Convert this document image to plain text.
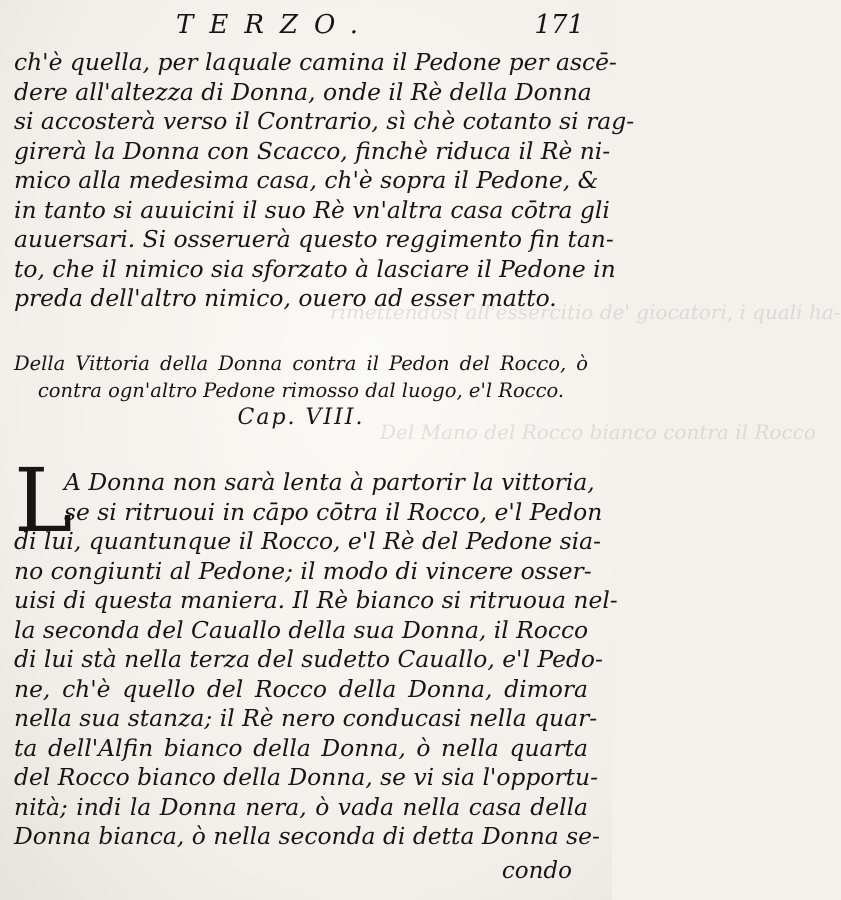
rimettendosi all'essercitio de' giocatori, i quali ha-
Del Mano del Rocco bianco contra il Rocco
TERZO.	171
ch'è quella, per laquale camina il Pedone per ascē-
dere all'altezza di Donna, onde il Rè della Donna
si accosterà verso il Contrario, sì chè cotanto si rag-
girerà la Donna con Scacco, finchè riduca il Rè ni-
mico alla medesima casa, ch'è sopra il Pedone, &
in tanto si auuicini il suo Rè vn'altra casa cōtra gli
auuersari. Si osseruerà questo reggimento fin tan-
to, che il nimico sia sforzato à lasciare il Pedone in
preda dell'altro nimico, ouero ad esser matto.
Della Vittoria della Donna contra il Pedon del Rocco, ò
contra ogn'altro Pedone rimosso dal luogo, e'l Rocco.
Cap. VIII.
L
A Donna non sarà lenta à partorir la vittoria,
se si ritruoui in cāpo cōtra il Rocco, e'l Pedon
di lui, quantunque il Rocco, e'l Rè del Pedone sia-
no congiunti al Pedone; il modo di vincere osser-
uisi di questa maniera. Il Rè bianco si ritruoua nel-
la seconda del Cauallo della sua Donna, il Rocco
di lui stà nella terza del sudetto Cauallo, e'l Pedo-
ne, ch'è quello del Rocco della Donna, dimora
nella sua stanza; il Rè nero conducasi nella quar-
ta dell'Alfin bianco della Donna, ò nella quarta
del Rocco bianco della Donna, se vi sia l'opportu-
nità; indi la Donna nera, ò vada nella casa della
Donna bianca, ò nella seconda di detta Donna se-
condo
